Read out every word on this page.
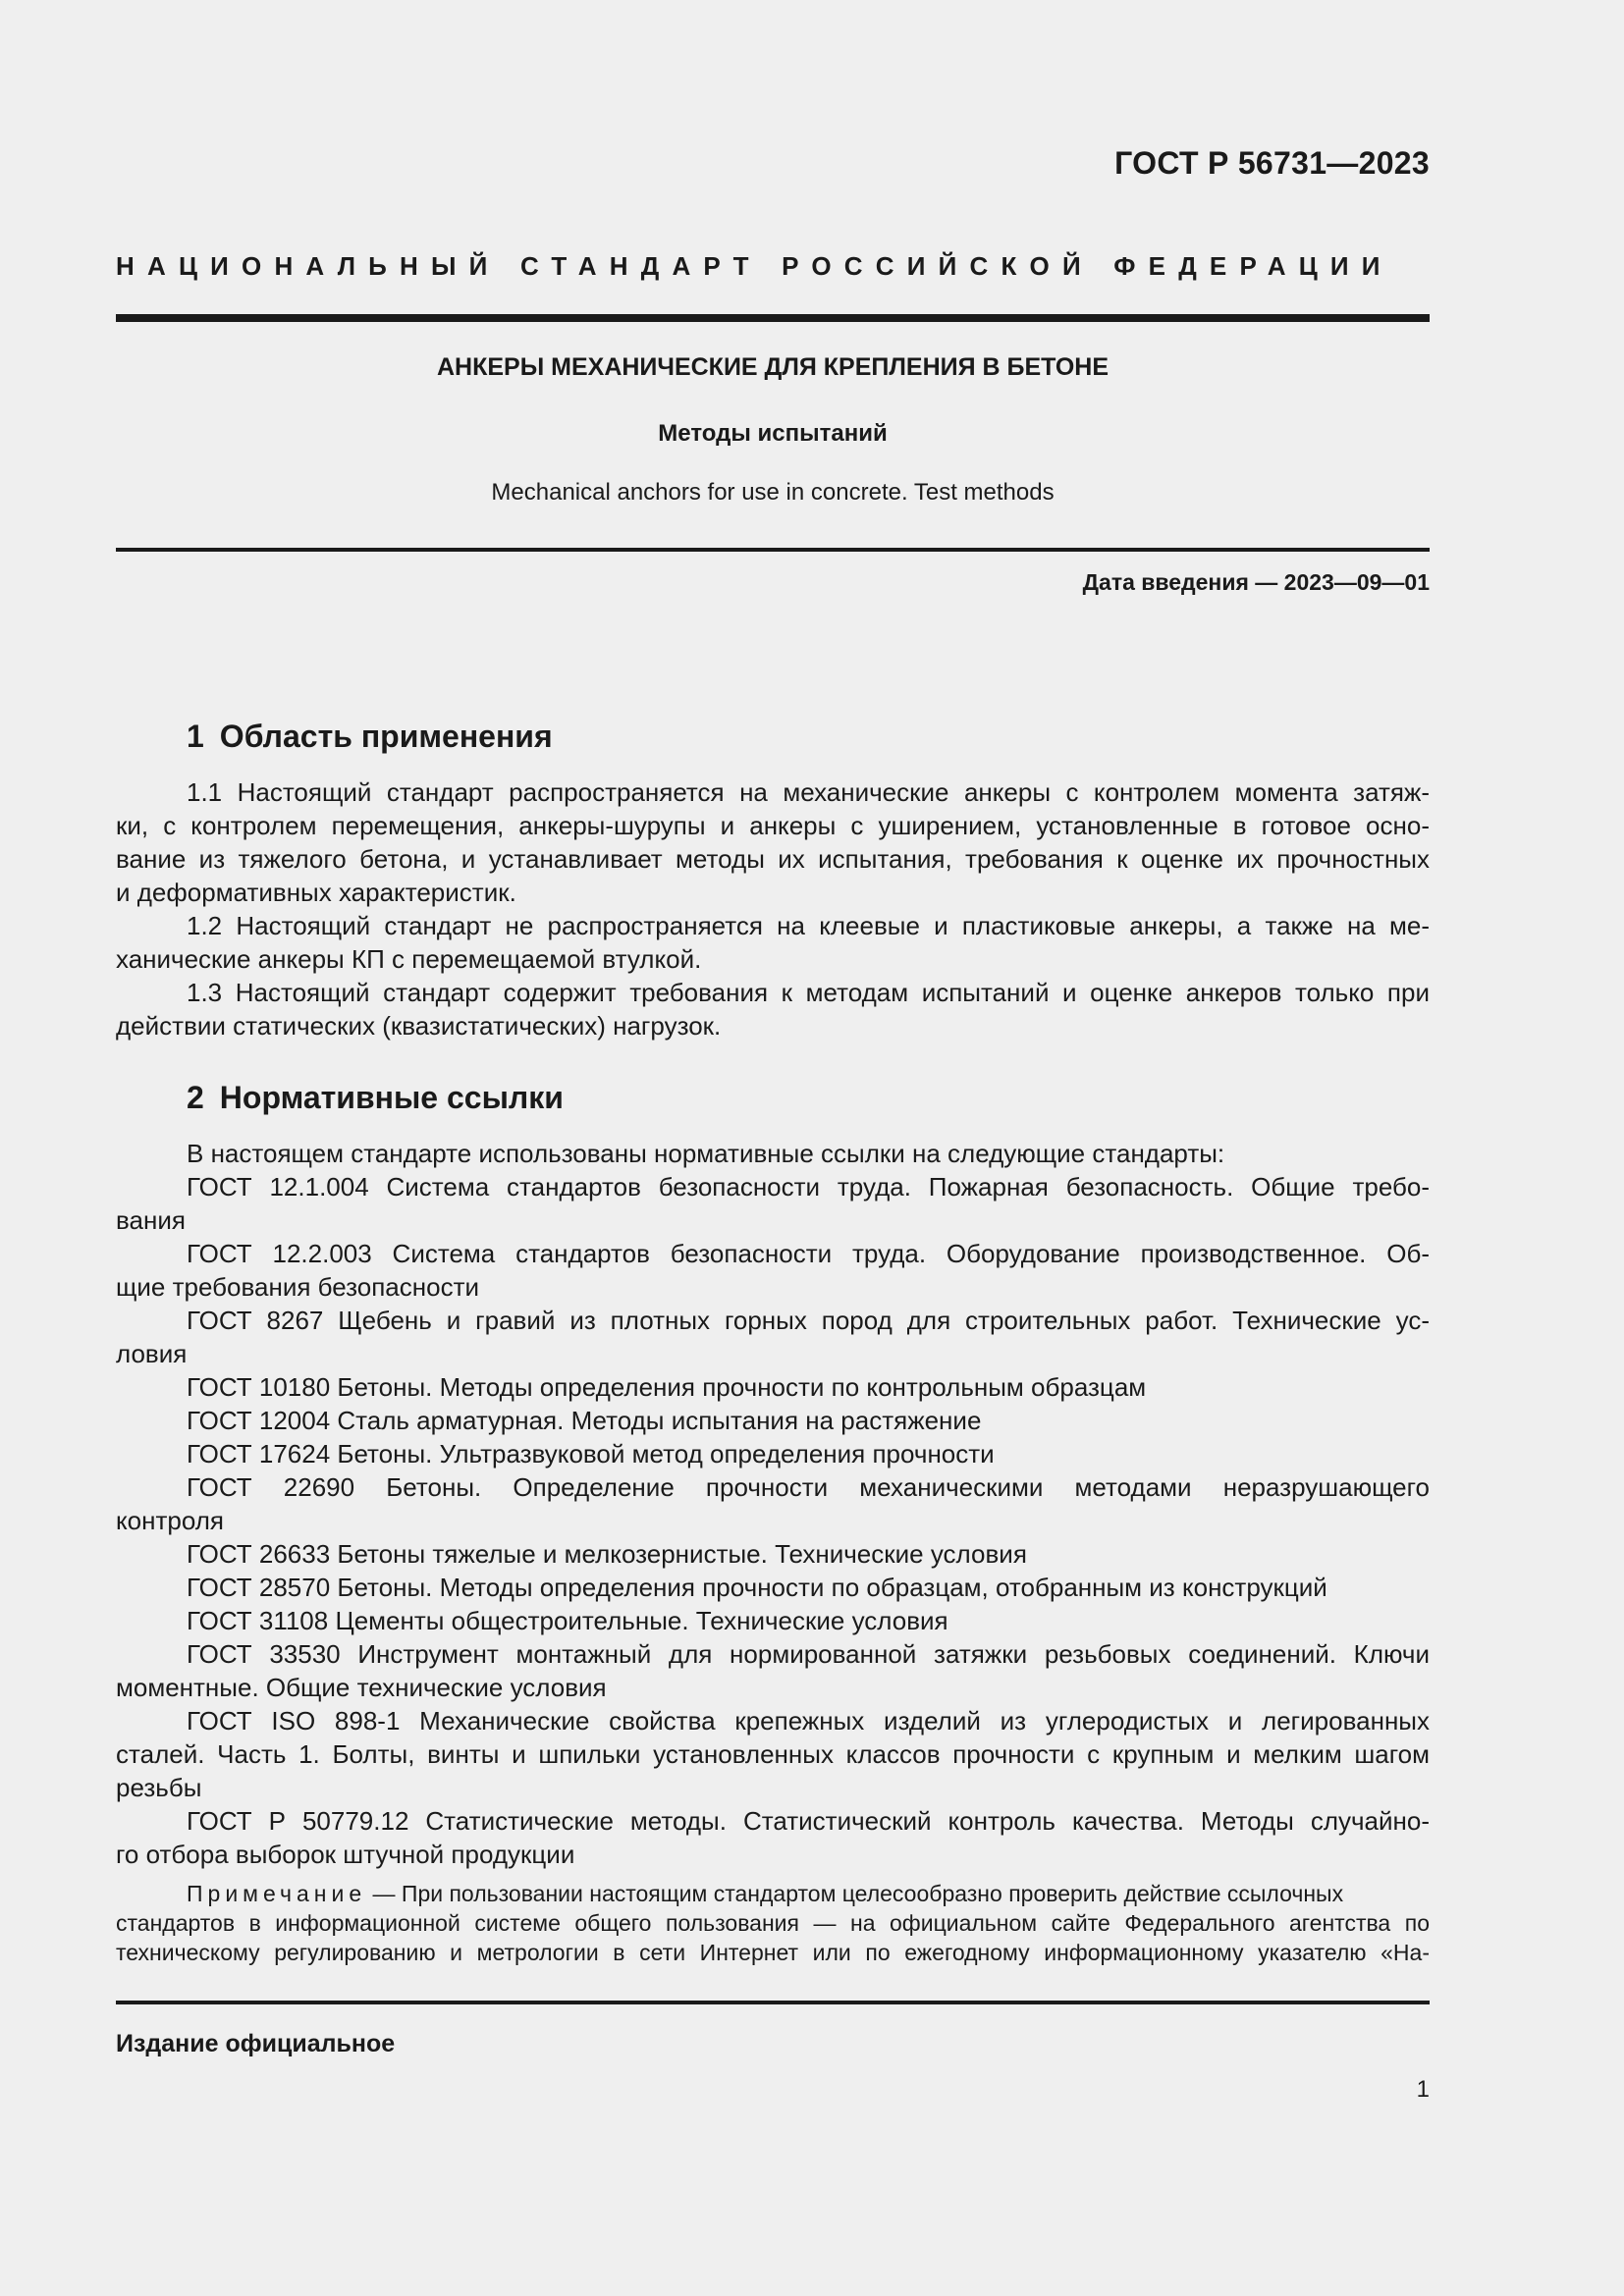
ГОСТ Р 56731—2023
НАЦИОНАЛЬНЫЙ СТАНДАРТ РОССИЙСКОЙ ФЕДЕРАЦИИ
АНКЕРЫ МЕХАНИЧЕСКИЕ ДЛЯ КРЕПЛЕНИЯ В БЕТОНЕ
Методы испытаний
Mechanical anchors for use in concrete. Test methods
Дата введения — 2023—09—01
1 Область применения
1.1 Настоящий стандарт распространяется на механические анкеры с контролем момента затяж-
ки, с контролем перемещения, анкеры-шурупы и анкеры с уширением, установленные в готовое осно-
вание из тяжелого бетона, и устанавливает методы их испытания, требования к оценке их прочностных
и деформативных характеристик.
1.2 Настоящий стандарт не распространяется на клеевые и пластиковые анкеры, а также на ме-
ханические анкеры КП с перемещаемой втулкой.
1.3 Настоящий стандарт содержит требования к методам испытаний и оценке анкеров только при
действии статических (квазистатических) нагрузок.
2 Нормативные ссылки
В настоящем стандарте использованы нормативные ссылки на следующие стандарты:
ГОСТ 12.1.004 Система стандартов безопасности труда. Пожарная безопасность. Общие требо-
вания
ГОСТ 12.2.003 Система стандартов безопасности труда. Оборудование производственное. Об-
щие требования безопасности
ГОСТ 8267 Щебень и гравий из плотных горных пород для строительных работ. Технические ус-
ловия
ГОСТ 10180 Бетоны. Методы определения прочности по контрольным образцам
ГОСТ 12004 Сталь арматурная. Методы испытания на растяжение
ГОСТ 17624 Бетоны. Ультразвуковой метод определения прочности
ГОСТ 22690 Бетоны. Определение прочности механическими методами неразрушающего
контроля
ГОСТ 26633 Бетоны тяжелые и мелкозернистые. Технические условия
ГОСТ 28570 Бетоны. Методы определения прочности по образцам, отобранным из конструкций
ГОСТ 31108 Цементы общестроительные. Технические условия
ГОСТ 33530 Инструмент монтажный для нормированной затяжки резьбовых соединений. Ключи
моментные. Общие технические условия
ГОСТ ISO 898-1 Механические свойства крепежных изделий из углеродистых и легированных
сталей. Часть 1. Болты, винты и шпильки установленных классов прочности с крупным и мелким шагом
резьбы
ГОСТ Р 50779.12 Статистические методы. Статистический контроль качества. Методы случайно-
го отбора выборок штучной продукции
Примечание — При пользовании настоящим стандартом целесообразно проверить действие ссылочных
стандартов в информационной системе общего пользования — на официальном сайте Федерального агентства по
техническому регулированию и метрологии в сети Интернет или по ежегодному информационному указателю «На-
Издание официальное
1
